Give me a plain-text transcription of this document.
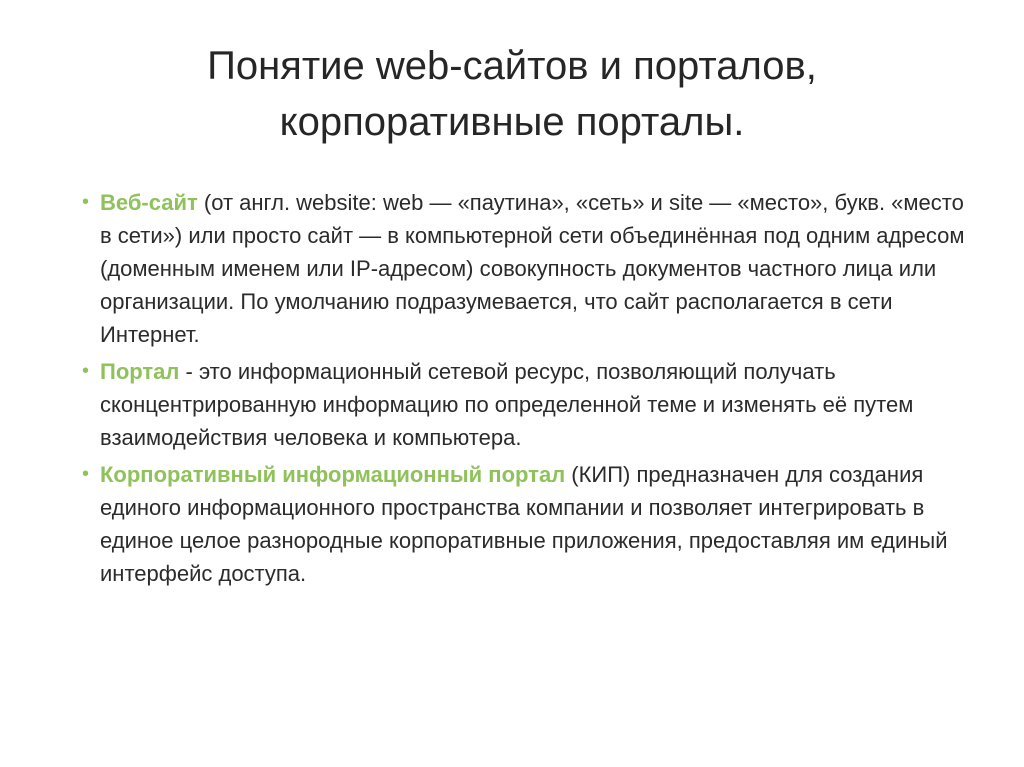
Понятие web-сайтов и порталов,
корпоративные порталы.
• Веб-сайт (от англ. website: web — «паутина», «сеть» и site — «место», букв. «место в сети») или просто сайт — в компьютерной сети объединённая под одним адресом (доменным именем или IP-адресом) совокупность документов частного лица или организации. По умолчанию подразумевается, что сайт располагается в сети Интернет.
• Портал - это информационный сетевой ресурс, позволяющий получать сконцентрированную информацию по определенной теме и изменять её путем взаимодействия человека и компьютера.
• Корпоративный информационный портал (КИП) предназначен для создания единого информационного пространства компании и позволяет интегрировать в единое целое разнородные корпоративные приложения, предоставляя им единый интерфейс доступа.
